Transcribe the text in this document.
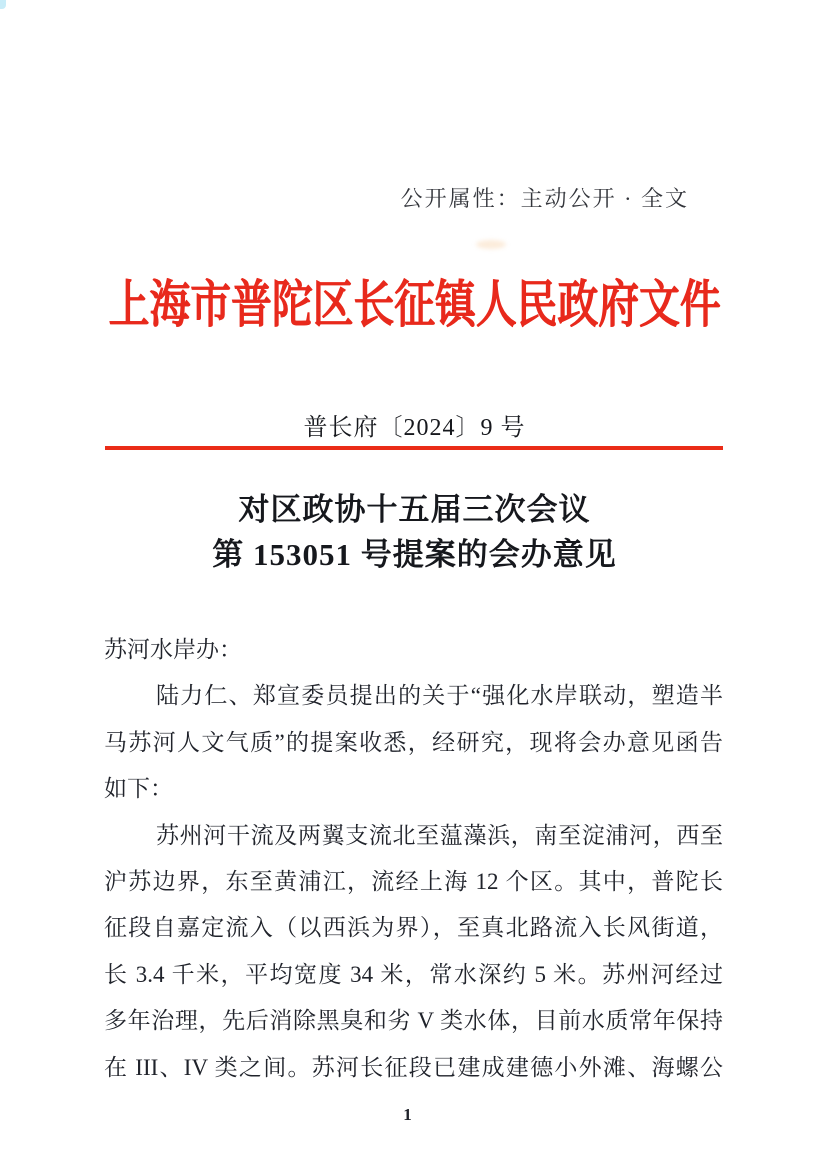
公开属性：主动公开 · 全文
上海市普陀区长征镇人民政府文件
普长府〔2024〕9 号
对区政协十五届三次会议
第 153051 号提案的会办意见
苏河水岸办：
陆力仁、郑宣委员提出的关于“强化水岸联动，塑造半
马苏河人文气质”的提案收悉，经研究，现将会办意见函告
如下：
苏州河干流及两翼支流北至蕰藻浜，南至淀浦河，西至
沪苏边界，东至黄浦江，流经上海 12 个区。其中，普陀长
征段自嘉定流入（以西浜为界），至真北路流入长风街道，
长 3.4 千米，平均宽度 34 米，常水深约 5 米。苏州河经过
多年治理，先后消除黑臭和劣 V 类水体，目前水质常年保持
在 III、IV 类之间。苏河长征段已建成建德小外滩、海螺公
1
